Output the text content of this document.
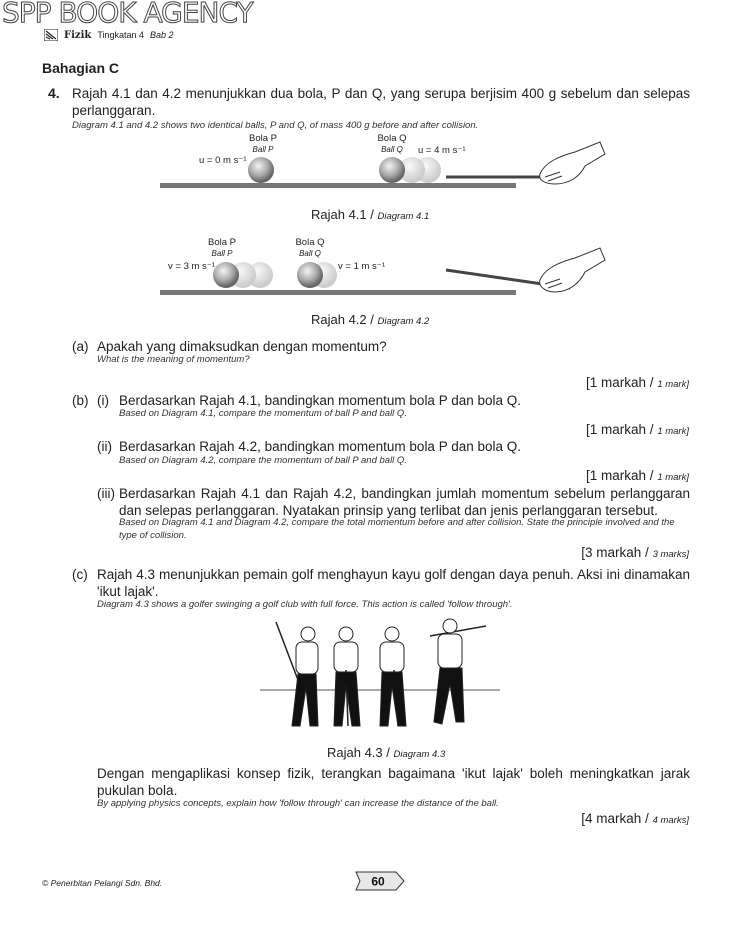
SPP BOOK AGENCY
Fizik Tingkatan 4 Bab 2
Bahagian C
4. Rajah 4.1 dan 4.2 menunjukkan dua bola, P dan Q, yang serupa berjisim 400 g sebelum dan selepas perlanggaran.
Diagram 4.1 and 4.2 shows two identical balls, P and Q, of mass 400 g before and after collision.
Bola P
Ball P
Bola Q
Ball Q
u = 0 m s⁻¹
u = 4 m s⁻¹
Rajah 4.1 / Diagram 4.1
Bola P
Ball P
Bola Q
Ball Q
v = 3 m s⁻¹	v = 1 m s⁻¹
Rajah 4.2 / Diagram 4.2
(a) Apakah yang dimaksudkan dengan momentum?
What is the meaning of momentum?
[1 markah / 1 mark]
(b) (i) Berdasarkan Rajah 4.1, bandingkan momentum bola P dan bola Q.
Based on Diagram 4.1, compare the momentum of ball P and ball Q.
[1 markah / 1 mark]
(ii) Berdasarkan Rajah 4.2, bandingkan momentum bola P dan bola Q.
Based on Diagram 4.2, compare the momentum of ball P and ball Q.
[1 markah / 1 mark]
(iii) Berdasarkan Rajah 4.1 dan Rajah 4.2, bandingkan jumlah momentum sebelum perlanggaran dan selepas perlanggaran. Nyatakan prinsip yang terlibat dan jenis perlanggaran tersebut.
Based on Diagram 4.1 and Diagram 4.2, compare the total momentum before and after collision. State the principle involved and the type of collision.
[3 markah / 3 marks]
(c) Rajah 4.3 menunjukkan pemain golf menghayun kayu golf dengan daya penuh. Aksi ini dinamakan 'ikut lajak'.
Diagram 4.3 shows a golfer swinging a golf club with full force. This action is called 'follow through'.
Rajah 4.3 / Diagram 4.3
Dengan mengaplikasi konsep fizik, terangkan bagaimana 'ikut lajak' boleh meningkatkan jarak pukulan bola.
By applying physics concepts, explain how 'follow through' can increase the distance of the ball.
[4 markah / 4 marks]
© Penerbitan Pelangi Sdn. Bhd.	60
